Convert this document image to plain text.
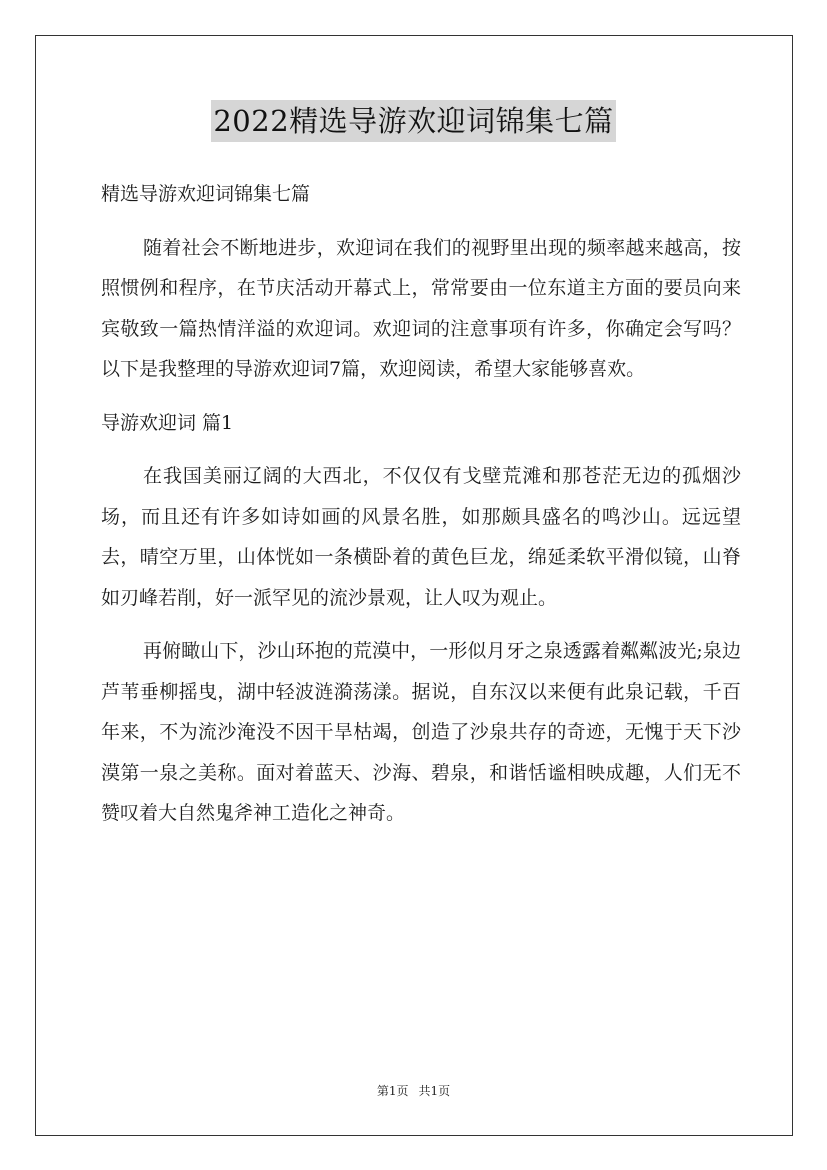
2022精选导游欢迎词锦集七篇

精选导游欢迎词锦集七篇

随着社会不断地进步，欢迎词在我们的视野里出现的频率越来越高，按照惯例和程序，在节庆活动开幕式上，常常要由一位东道主方面的要员向来宾敬致一篇热情洋溢的欢迎词。欢迎词的注意事项有许多，你确定会写吗？以下是我整理的导游欢迎词7篇，欢迎阅读，希望大家能够喜欢。

导游欢迎词 篇1

在我国美丽辽阔的大西北，不仅仅有戈壁荒滩和那苍茫无边的孤烟沙场，而且还有许多如诗如画的风景名胜，如那颇具盛名的鸣沙山。远远望去，晴空万里，山体恍如一条横卧着的黄色巨龙，绵延柔软平滑似镜，山脊如刃峰若削，好一派罕见的流沙景观，让人叹为观止。

再俯瞰山下，沙山环抱的荒漠中，一形似月牙之泉透露着粼粼波光;泉边芦苇垂柳摇曳，湖中轻波涟漪荡漾。据说，自东汉以来便有此泉记载，千百年来，不为流沙淹没不因干旱枯竭，创造了沙泉共存的奇迹，无愧于天下沙漠第一泉之美称。面对着蓝天、沙海、碧泉，和谐恬谧相映成趣，人们无不赞叹着大自然鬼斧神工造化之神奇。

第1页 共1页
